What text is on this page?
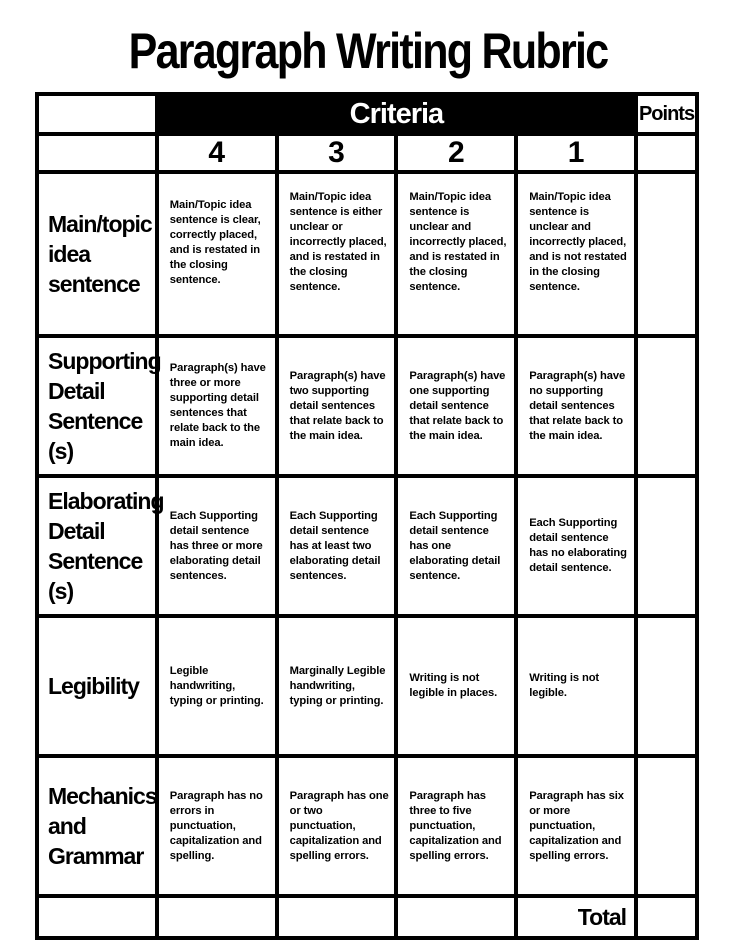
Paragraph Writing Rubric
	Criteria				Points
	4	3	2	1	
Main/topic idea sentence	Main/Topic idea sentence is clear, correctly placed, and is restated in the closing sentence.	Main/Topic idea sentence is either unclear or incorrectly placed, and is restated in the closing sentence.	Main/Topic idea sentence is unclear and incorrectly placed, and is restated in the closing sentence.	Main/Topic idea sentence is unclear and incorrectly placed, and is not restated in the closing sentence.	
Supporting Detail Sentence (s)	Paragraph(s) have three or more supporting detail sentences that relate back to the main idea.	Paragraph(s) have two supporting detail sentences that relate back to the main idea.	Paragraph(s) have one supporting detail sentence that relate back to the main idea.	Paragraph(s) have no supporting detail sentences that relate back to the main idea.	
Elaborating Detail Sentence (s)	Each Supporting detail sentence has three or more elaborating detail sentences.	Each Supporting detail sentence has at least two elaborating detail sentences.	Each Supporting detail sentence has one elaborating detail sentence.	Each Supporting detail sentence has no elaborating detail sentence.	
Legibility	Legible handwriting, typing or printing.	Marginally Legible handwriting, typing or printing.	Writing is not legible in places.	Writing is not legible.	
Mechanics and Grammar	Paragraph has no errors in punctuation, capitalization and spelling.	Paragraph has one or two punctuation, capitalization and spelling errors.	Paragraph has three to five punctuation, capitalization and spelling errors.	Paragraph has six or more punctuation, capitalization and spelling errors.	
				Total	
